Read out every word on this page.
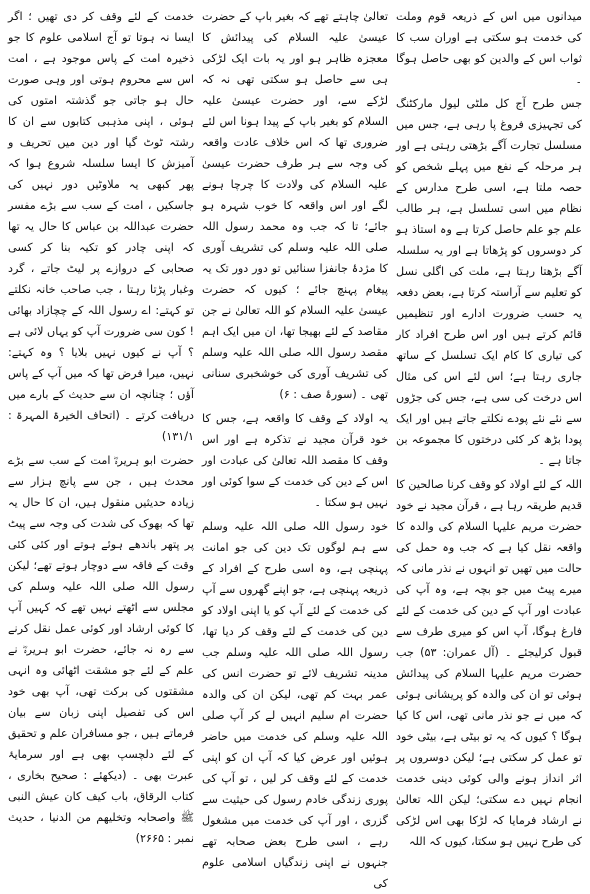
میدانوں میں اس کے ذریعہ قوم وملت کی خدمت ہو سکتی ہے اوران سب کا ثواب اس کے والدین کو بھی حاصل ہوگا ۔

جس طرح آج کل ملٹی لیول مارکٹنگ کی تجہیزی فروغ پا رہی ہے، جس میں مسلسل تجارت آگے بڑھتی رہتی ہے اور ہر مرحلہ کے نفع میں پہلے شخص کو حصہ ملتا ہے، اسی طرح مدارس کے نظام میں اسی تسلسل ہے، ہر طالب علم جو علم حاصل کرتا ہے وہ استاذ ہو کر دوسروں کو پڑھاتا ہے اور یہ سلسلہ آگے بڑھتا رہتا ہے، ملت کی اگلی نسل کو تعلیم سے آراستہ کرتا ہے، بعض دفعہ یہ حسب ضرورت ادارے اور تنظیمیں قائم کرتے ہیں اور اس طرح افراد کار کی تیاری کا کام ایک تسلسل کے ساتھ جاری رہتا ہے؛ اس لئے اس کی مثال اس درخت کی سی ہے، جس کی جڑوں سے نئے نئے پودے نکلتے جاتے ہیں اور ایک پودا بڑھ کر کئی درختوں کا مجموعہ بن جاتا ہے ۔

اللہ کے لئے اولاد کو وقف کرنا صالحین کا قدیم طریقہ رہا ہے ، قرآن مجید نے خود حضرت مریم علیہا السلام کی والدہ کا واقعہ نقل کیا ہے کہ جب وہ حمل کی حالت میں تھیں تو انہوں نے نذر مانی کہ میرے پیٹ میں جو بچہ ہے، وہ آپ کی عبادت اور آپ کے دین کی خدمت کے لئے فارغ ہوگا، آپ اس کو میری طرف سے قبول کرلیجئے ۔ (آل عمران: ۵۳) جب حضرت مریم علیہا السلام کی پیدائش ہوئی تو ان کی والدہ کو پریشانی ہوئی کہ میں نے جو نذر مانی تھی، اس کا کیا ہوگا ؟ کیوں کہ یہ تو بیٹی ہے، بیٹی خود تو عمل کر سکتی ہے؛ لیکن دوسروں پر اثر انداز ہونے والی کوئی دینی خدمت انجام نہیں دے سکتی؛ لیکن اللہ تعالیٰ نے ارشاد فرمایا کہ لڑکا بھی اس لڑکی کی طرح نہیں ہو سکتا، کیوں کہ اللہ

تعالیٰ چاہتے تھے کہ بغیر باپ کے حضرت عیسیٰ علیہ السلام کی پیدائش کا معجزہ ظاہر ہو اور یہ بات ایک لڑکی ہی سے حاصل ہو سکتی تھی نہ کہ لڑکے سے، اور حضرت عیسیٰ علیہ السلام کو بغیر باپ کے پیدا ہونا اس لئے ضروری تھا کہ اس خلاف عادت واقعہ کی وجہ سے ہر طرف حضرت عیسیٰ علیہ السلام کی ولادت کا چرچا ہونے لگے اور اس واقعہ کا خوب شہرہ ہو جائے؛ تا کہ جب وہ محمد رسول اللہ صلی اللہ علیہ وسلم کی تشریف آوری کا مژدۂ جانفزا سنائیں تو دور دور تک یہ پیغام پہنچ جائے ؛ کیوں کہ حضرت عیسیٰ علیہ السلام کو اللہ تعالیٰ نے جن مقاصد کے لئے بھیجا تھا، ان میں ایک اہم مقصد رسول اللہ صلی اللہ علیہ وسلم کی تشریف آوری کی خوشخبری سنانی تھی ۔ (سورۂ صف : ۶)

یہ اولاد کے وقف کا واقعہ ہے، جس کا خود قرآن مجید نے تذکرہ ہے اور اس وقف کا مقصد اللہ تعالیٰ کی عبادت اور اس کے دین کی خدمت کے سوا کوئی اور نہیں ہو سکتا ۔

خود رسول اللہ صلی اللہ علیہ وسلم سے ہم لوگوں تک دین کی جو امانت پہنچی ہے، وہ اسی طرح کے افراد کے ذریعہ پہنچی ہے، جو اپنے گھروں سے آپ کی خدمت کے لئے آپ کو یا اپنی اولاد کو دین کی خدمت کے لئے وقف کر دیا تھا، رسول اللہ صلی اللہ علیہ وسلم جب مدینہ تشریف لائے تو حضرت انس کی عمر بہت کم تھی، لیکن ان کی والدہ حضرت ام سلیم انہیں لے کر آپ صلی اللہ علیہ وسلم کی خدمت میں حاضر ہوئیں اور عرض کیا کہ آپ ان کو اپنی خدمت کے لئے وقف کر لیں ، تو آپ کی پوری زندگی خادم رسول کی حیثیت سے گزری ، اور آپ کی خدمت میں مشغول رہے ، اسی طرح بعض صحابہ تھے جنہوں نے اپنی زندگیاں اسلامی علوم کی

خدمت کے لئے وقف کر دی تھیں ؛ اگر ایسا نہ ہوتا تو آج اسلامی علوم کا جو ذخیرہ امت کے پاس موجود ہے ، امت اس سے محروم ہوتی اور وہی صورت حال ہو جاتی جو گذشتہ امتوں کی ہوئی ، اپنی مذہبی کتابوں سے ان کا رشتہ ٹوٹ گیا اور دین میں تحریف و آمیزش کا ایسا سلسلہ شروع ہوا کہ پھر کبھی یہ ملاوٹیں دور نہیں کی جاسکیں ، امت کے سب سے بڑے مفسر حضرت عبداللہ بن عباس کا حال یہ تھا کہ اپنی چادر کو تکیہ بنا کر کسی صحابی کے دروازے پر لیٹ جاتے ، گرد وغبار پڑتا رہتا ، جب صاحب خانہ نکلتے تو کہتے: اے رسول اللہ کے چچازاد بھائی ! کون سی ضرورت آپ کو یہاں لائی ہے ؟ آپ نے کیوں نہیں بلایا ؟ وہ کہتے: نہیں، میرا فرض تھا کہ میں آپ کے پاس آؤں ؛ چنانچہ ان سے حدیث کے بارے میں دریافت کرتے ۔ (اتحاف الخیرۃ المہرۃ : ۱۳۱/۱)

حضرت ابو ہریرہؓ امت کے سب سے بڑے محدث ہیں ، جن سے پانچ ہزار سے زیادہ حدیثیں منقول ہیں، ان کا حال یہ تھا کہ بھوک کی شدت کی وجہ سے پیٹ پر پتھر باندھے ہوئے ہوتے اور کئی کئی وقت کے فاقہ سے دوچار ہوتے تھے؛ لیکن رسول اللہ صلی اللہ علیہ وسلم کی مجلس سے اٹھتے نہیں تھے کہ کہیں آپ کا کوئی ارشاد اور کوئی عمل نقل کرنے سے رہ نہ جائے، حضرت ابو ہریرہؓ نے علم کے لئے جو مشقت اٹھائی وہ انہی مشقتوں کی برکت تھی، آپ بھی خود اس کی تفصیل اپنی زبان سے بیان فرماتے ہیں ، جو مسافران علم و تحقیق کے لئے دلچسپ بھی ہے اور سرمایۂ عبرت بھی ۔ (دیکھئے : صحیح بخاری ، کتاب الرقاق، باب کیف کان عیش النبی ﷺ واصحابہ وتخلیھم من الدنیا ، حدیث نمبر : ۲۶۶۵)
